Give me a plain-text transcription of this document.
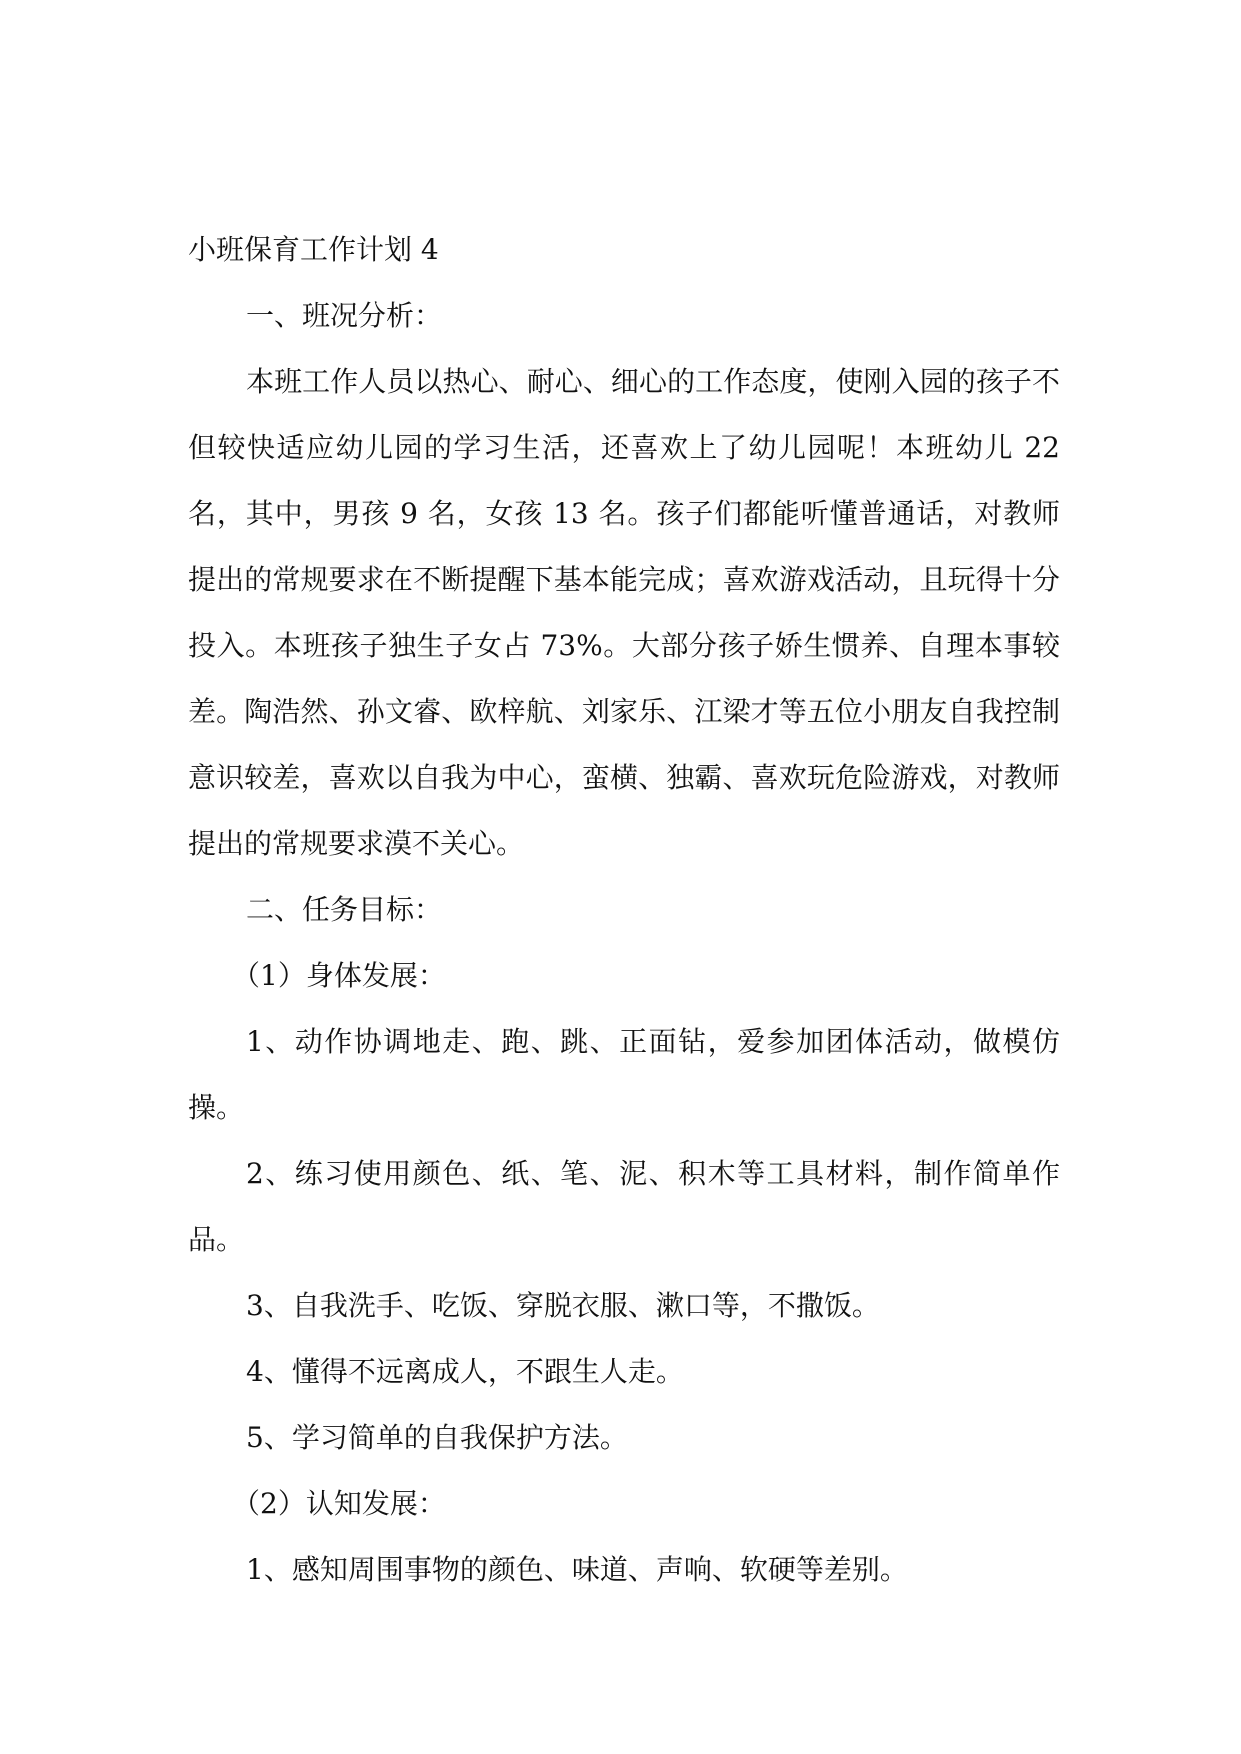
小班保育工作计划 4
一、班况分析：
本班工作人员以热心、耐心、细心的工作态度，使刚入园的孩子不但较快适应幼儿园的学习生活，还喜欢上了幼儿园呢！本班幼儿 22 名，其中，男孩 9 名，女孩 13 名。孩子们都能听懂普通话，对教师提出的常规要求在不断提醒下基本能完成；喜欢游戏活动，且玩得十分投入。本班孩子独生子女占 73%。大部分孩子娇生惯养、自理本事较差。陶浩然、孙文睿、欧梓航、刘家乐、江梁才等五位小朋友自我控制意识较差，喜欢以自我为中心，蛮横、独霸、喜欢玩危险游戏，对教师提出的常规要求漠不关心。
二、任务目标：
（1）身体发展：
1、动作协调地走、跑、跳、正面钻，爱参加团体活动，做模仿操。
2、练习使用颜色、纸、笔、泥、积木等工具材料，制作简单作品。
3、自我洗手、吃饭、穿脱衣服、漱口等，不撒饭。
4、懂得不远离成人，不跟生人走。
5、学习简单的自我保护方法。
（2）认知发展：
1、感知周围事物的颜色、味道、声响、软硬等差别。
